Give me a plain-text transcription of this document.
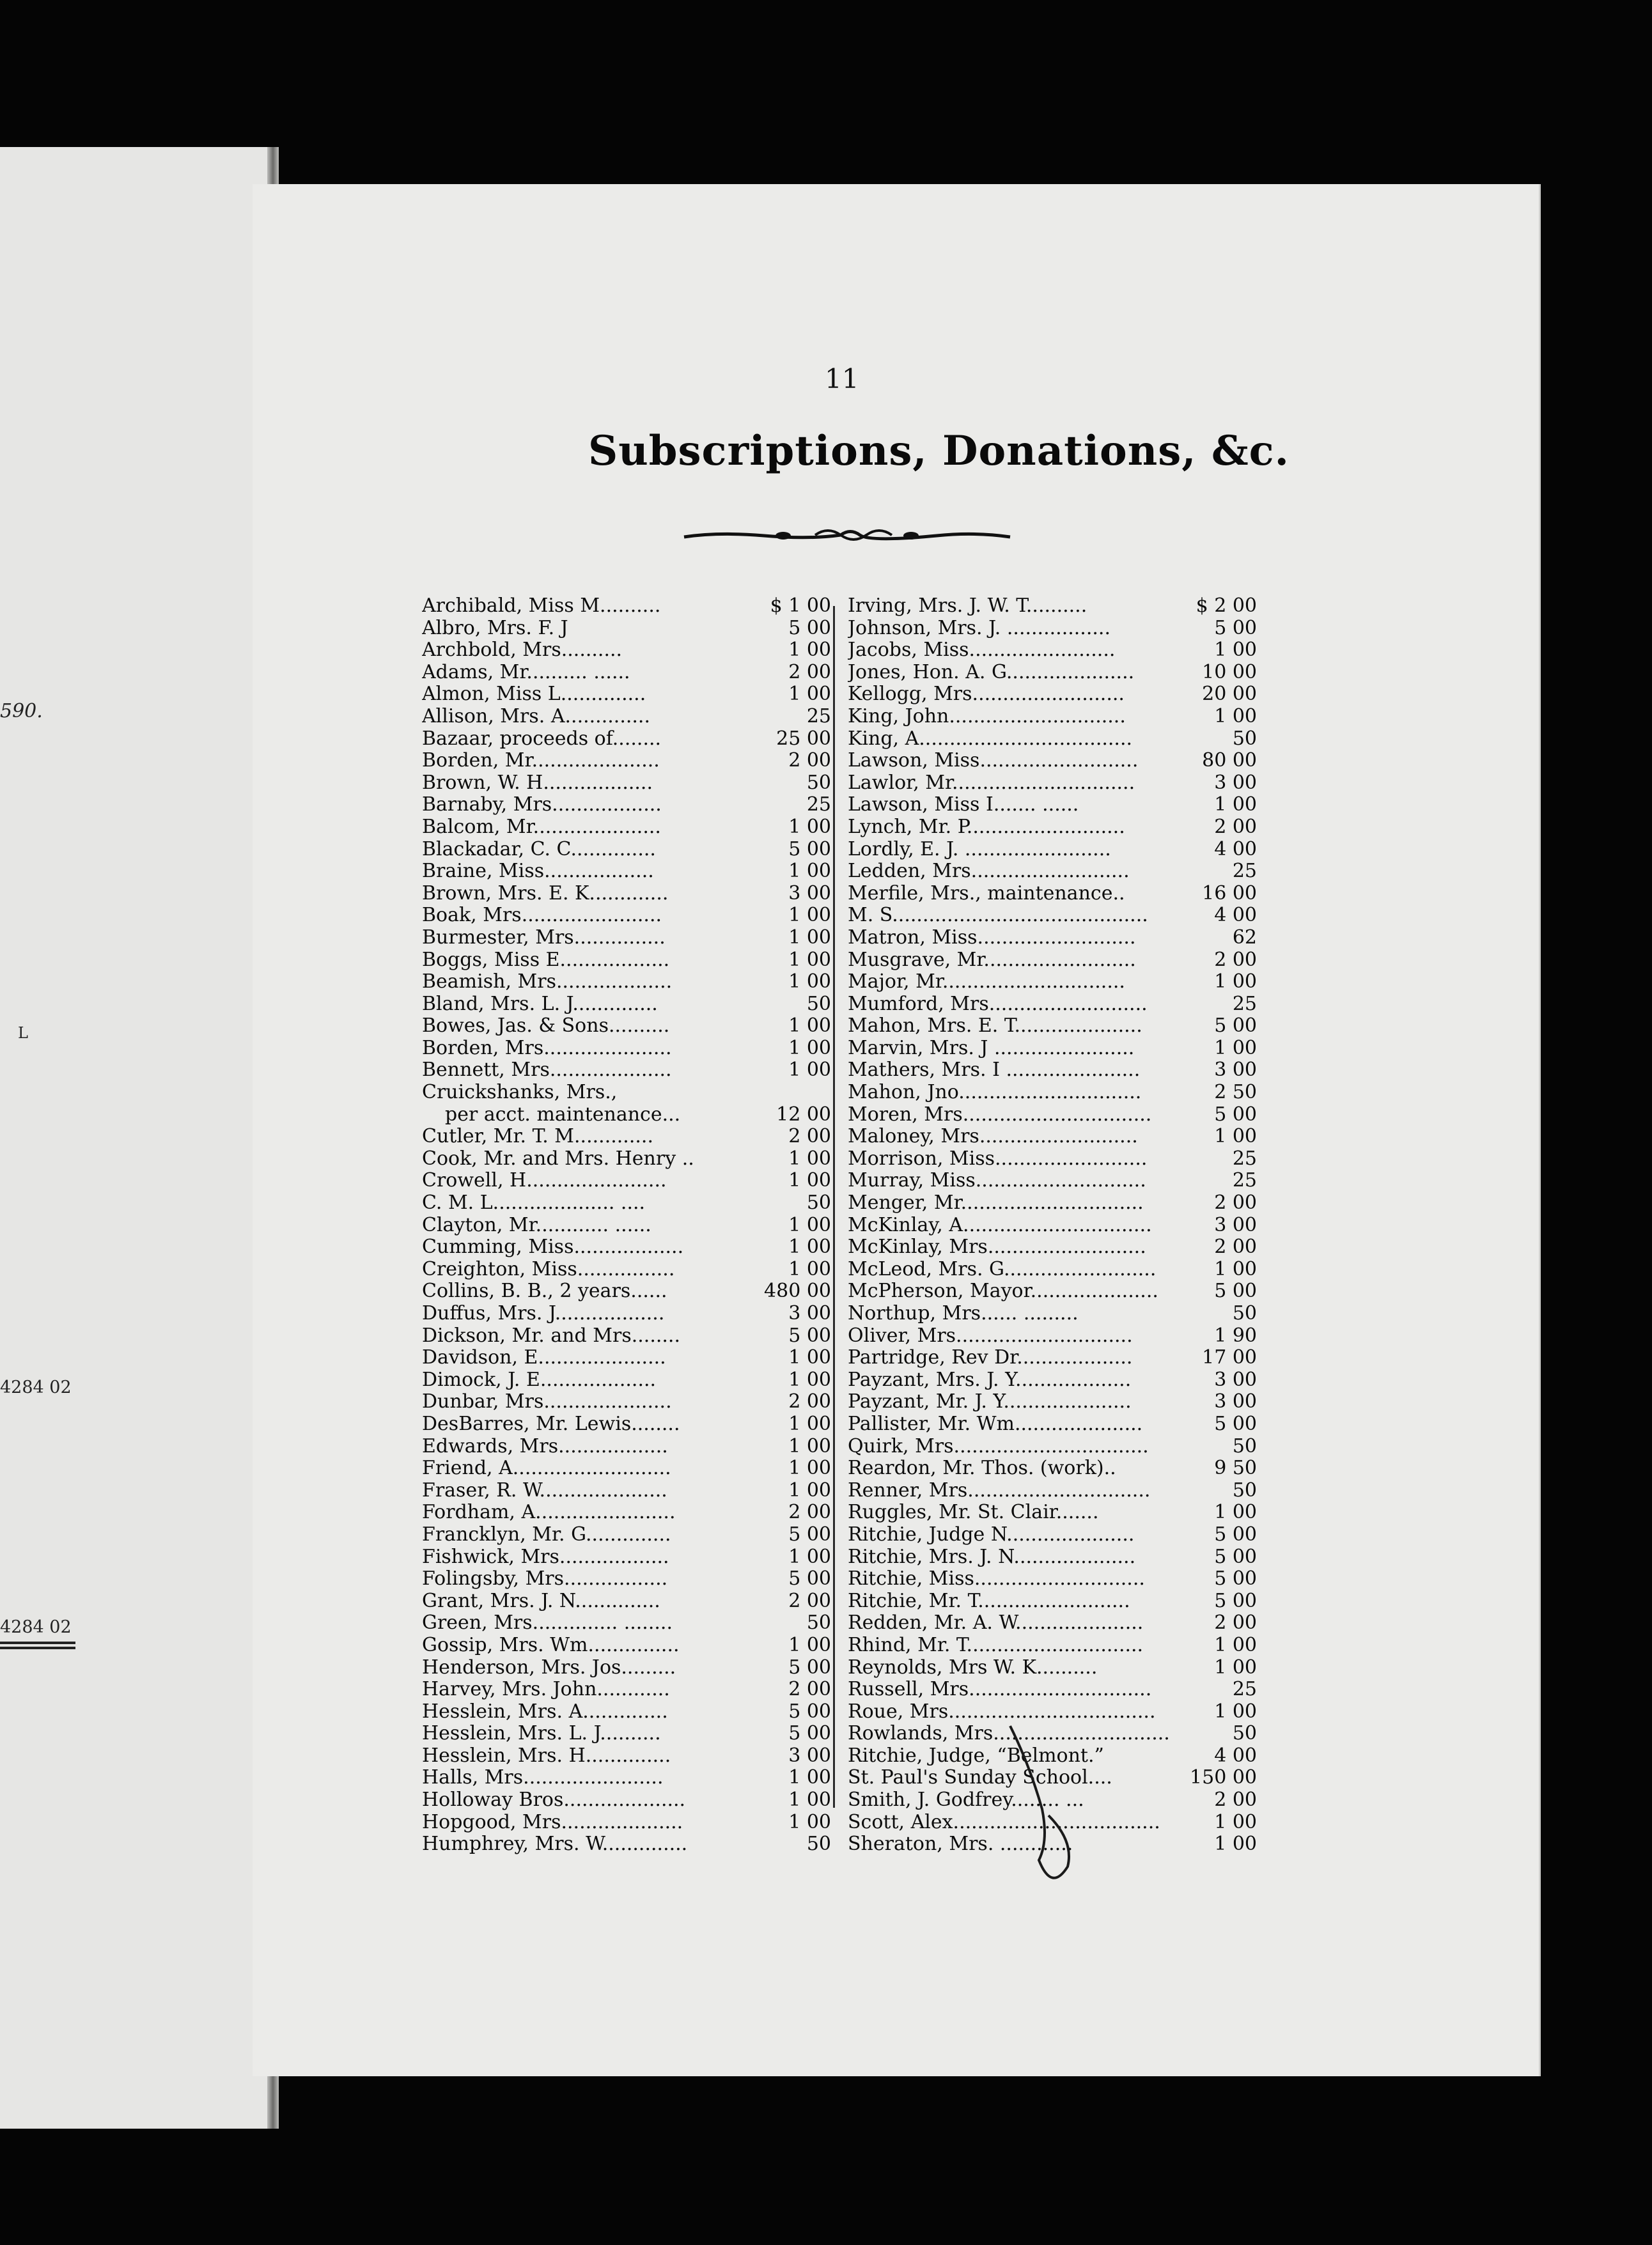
590.
4284 02
4284 02
L
11
Subscriptions, Donations, &c.
Archibald, Miss M..........	$ 1 00
Albro, Mrs. F. J	5 00
Archbold, Mrs..........	1 00
Adams, Mr.......... ......	2 00
Almon, Miss L..............	1 00
Allison, Mrs. A..............	25
Bazaar, proceeds of........	25 00
Borden, Mr.....................	2 00
Brown, W. H..................	50
Barnaby, Mrs..................	25
Balcom, Mr.....................	1 00
Blackadar, C. C..............	5 00
Braine, Miss..................	1 00
Brown, Mrs. E. K.............	3 00
Boak, Mrs.......................	1 00
Burmester, Mrs...............	1 00
Boggs, Miss E..................	1 00
Beamish, Mrs...................	1 00
Bland, Mrs. L. J..............	50
Bowes, Jas. & Sons..........	1 00
Borden, Mrs.....................	1 00
Bennett, Mrs....................	1 00
Cruickshanks, Mrs.,
per acct. maintenance...	12 00
Cutler, Mr. T. M.............	2 00
Cook, Mr. and Mrs. Henry ..	1 00
Crowell, H.......................	1 00
C. M. L.................... ....	50
Clayton, Mr............ ......	1 00
Cumming, Miss..................	1 00
Creighton, Miss................	1 00
Collins, B. B., 2 years......	480 00
Duffus, Mrs. J..................	3 00
Dickson, Mr. and Mrs........	5 00
Davidson, E.....................	1 00
Dimock, J. E...................	1 00
Dunbar, Mrs.....................	2 00
DesBarres, Mr. Lewis........	1 00
Edwards, Mrs..................	1 00
Friend, A..........................	1 00
Fraser, R. W.....................	1 00
Fordham, A.......................	2 00
Francklyn, Mr. G..............	5 00
Fishwick, Mrs..................	1 00
Folingsby, Mrs.................	5 00
Grant, Mrs. J. N..............	2 00
Green, Mrs.............. ........	50
Gossip, Mrs. Wm...............	1 00
Henderson, Mrs. Jos.........	5 00
Harvey, Mrs. John............	2 00
Hesslein, Mrs. A..............	5 00
Hesslein, Mrs. L. J..........	5 00
Hesslein, Mrs. H..............	3 00
Halls, Mrs.......................	1 00
Holloway Bros....................	1 00
Hopgood, Mrs....................	1 00
Humphrey, Mrs. W..............	50
Irving, Mrs. J. W. T..........	$ 2 00
Johnson, Mrs. J. .................	5 00
Jacobs, Miss........................	1 00
Jones, Hon. A. G.....................	10 00
Kellogg, Mrs.........................	20 00
King, John.............................	1 00
King, A...................................	50
Lawson, Miss..........................	80 00
Lawlor, Mr..............................	3 00
Lawson, Miss I....... ......	1 00
Lynch, Mr. P..........................	2 00
Lordly, E. J. ........................	4 00
Ledden, Mrs..........................	25
Merfile, Mrs., maintenance..	16 00
M. S..........................................	4 00
Matron, Miss..........................	62
Musgrave, Mr.........................	2 00
Major, Mr..............................	1 00
Mumford, Mrs..........................	25
Mahon, Mrs. E. T.....................	5 00
Marvin, Mrs. J .......................	1 00
Mathers, Mrs. I ......................	3 00
Mahon, Jno..............................	2 50
Moren, Mrs...............................	5 00
Maloney, Mrs..........................	1 00
Morrison, Miss.........................	25
Murray, Miss............................	25
Menger, Mr..............................	2 00
McKinlay, A...............................	3 00
McKinlay, Mrs..........................	2 00
McLeod, Mrs. G.........................	1 00
McPherson, Mayor.....................	5 00
Northup, Mrs...... .........	50
Oliver, Mrs.............................	1 90
Partridge, Rev Dr...................	17 00
Payzant, Mrs. J. Y...................	3 00
Payzant, Mr. J. Y.....................	3 00
Pallister, Mr. Wm.....................	5 00
Quirk, Mrs................................	50
Reardon, Mr. Thos. (work)..	9 50
Renner, Mrs..............................	50
Ruggles, Mr. St. Clair.......	1 00
Ritchie, Judge N.....................	5 00
Ritchie, Mrs. J. N....................	5 00
Ritchie, Miss............................	5 00
Ritchie, Mr. T.........................	5 00
Redden, Mr. A. W.....................	2 00
Rhind, Mr. T.............................	1 00
Reynolds, Mrs W. K..........	1 00
Russell, Mrs..............................	25
Roue, Mrs..................................	1 00
Rowlands, Mrs.............................	50
Ritchie, Judge, “Belmont.”	4 00
St. Paul's Sunday School....	150 00
Smith, J. Godfrey........ ...	2 00
Scott, Alex..................................	1 00
Sheraton, Mrs. ............	1 00
